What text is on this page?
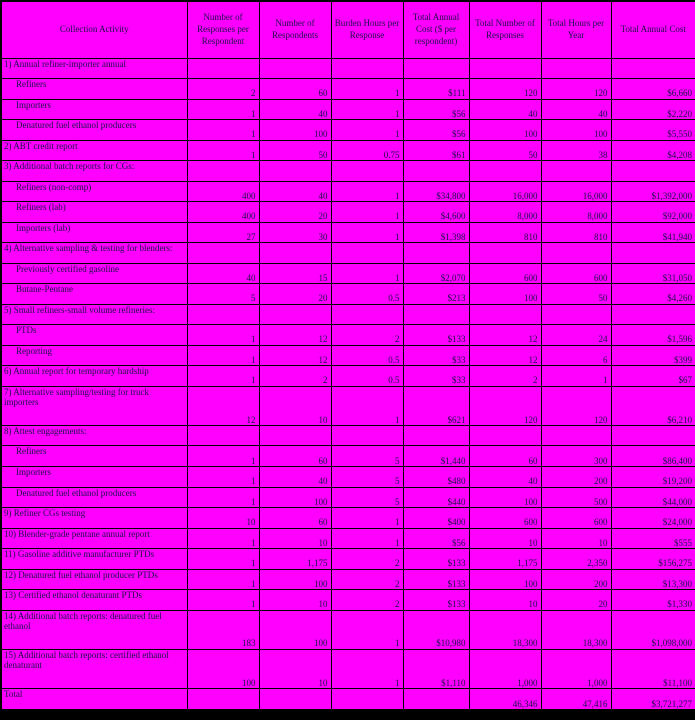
Collection Activity	Number of Responses per Respondent	Number of Respondents	Burden Hours per Response	Total Annual Cost ($ per respondent)	Total Number of Responses	Total Hours per Year	Total Annual Cost
1) Annual refiner-importer annual							
Refiners	2	60	1	$111	120	120	$6,660
Importers	1	40	1	$56	40	40	$2,220
Denatured fuel ethanol producers	1	100	1	$56	100	100	$5,550
2) ABT credit report	1	50	0.75	$61	50	38	$4,208
3) Additional batch reports for CGs:							
Refiners (non-comp)	400	40	1	$34,800	16,000	16,000	$1,392,000
Refiners (lab)	400	20	1	$4,600	8,000	8,000	$92,000
Importers (lab)	27	30	1	$1,398	810	810	$41,940
4) Alternative sampling & testing for blenders:							
Previously certified gasoline	40	15	1	$2,070	600	600	$31,050
Butane-Pentane	5	20	0.5	$213	100	50	$4,260
5) Small refiners-small volume refineries:							
PTDs	1	12	2	$133	12	24	$1,596
Reporting	1	12	0.5	$33	12	6	$399
6) Annual report for temporary hardship	1	2	0.5	$33	2	1	$67
7) Alternative sampling/testing for truck importers	12	10	1	$621	120	120	$6,210
8) Attest engagements:							
Refiners	1	60	5	$1,440	60	300	$86,400
Importers	1	40	5	$480	40	200	$19,200
Denatured fuel ethanol producers	1	100	5	$440	100	500	$44,000
9) Refiner CGs testing	10	60	1	$400	600	600	$24,000
10) Blender-grade pentane annual report	1	10	1	$56	10	10	$555
11) Gasoline additive manufacturer PTDs	1	1,175	2	$133	1,175	2,350	$156,275
12) Denatured fuel ethanol producer PTDs	1	100	2	$133	100	200	$13,300
13) Certified ethanol denaturant PTDs	1	10	2	$133	10	20	$1,330
14) Additional batch reports: denatured fuel ethanol	183	100	1	$10,980	18,300	18,300	$1,098,000
15) Additional batch reports: certified ethanol denaturant	100	10	1	$1,110	1,000	1,000	$11,100
Total					46,346	47,416	$3,721,277
